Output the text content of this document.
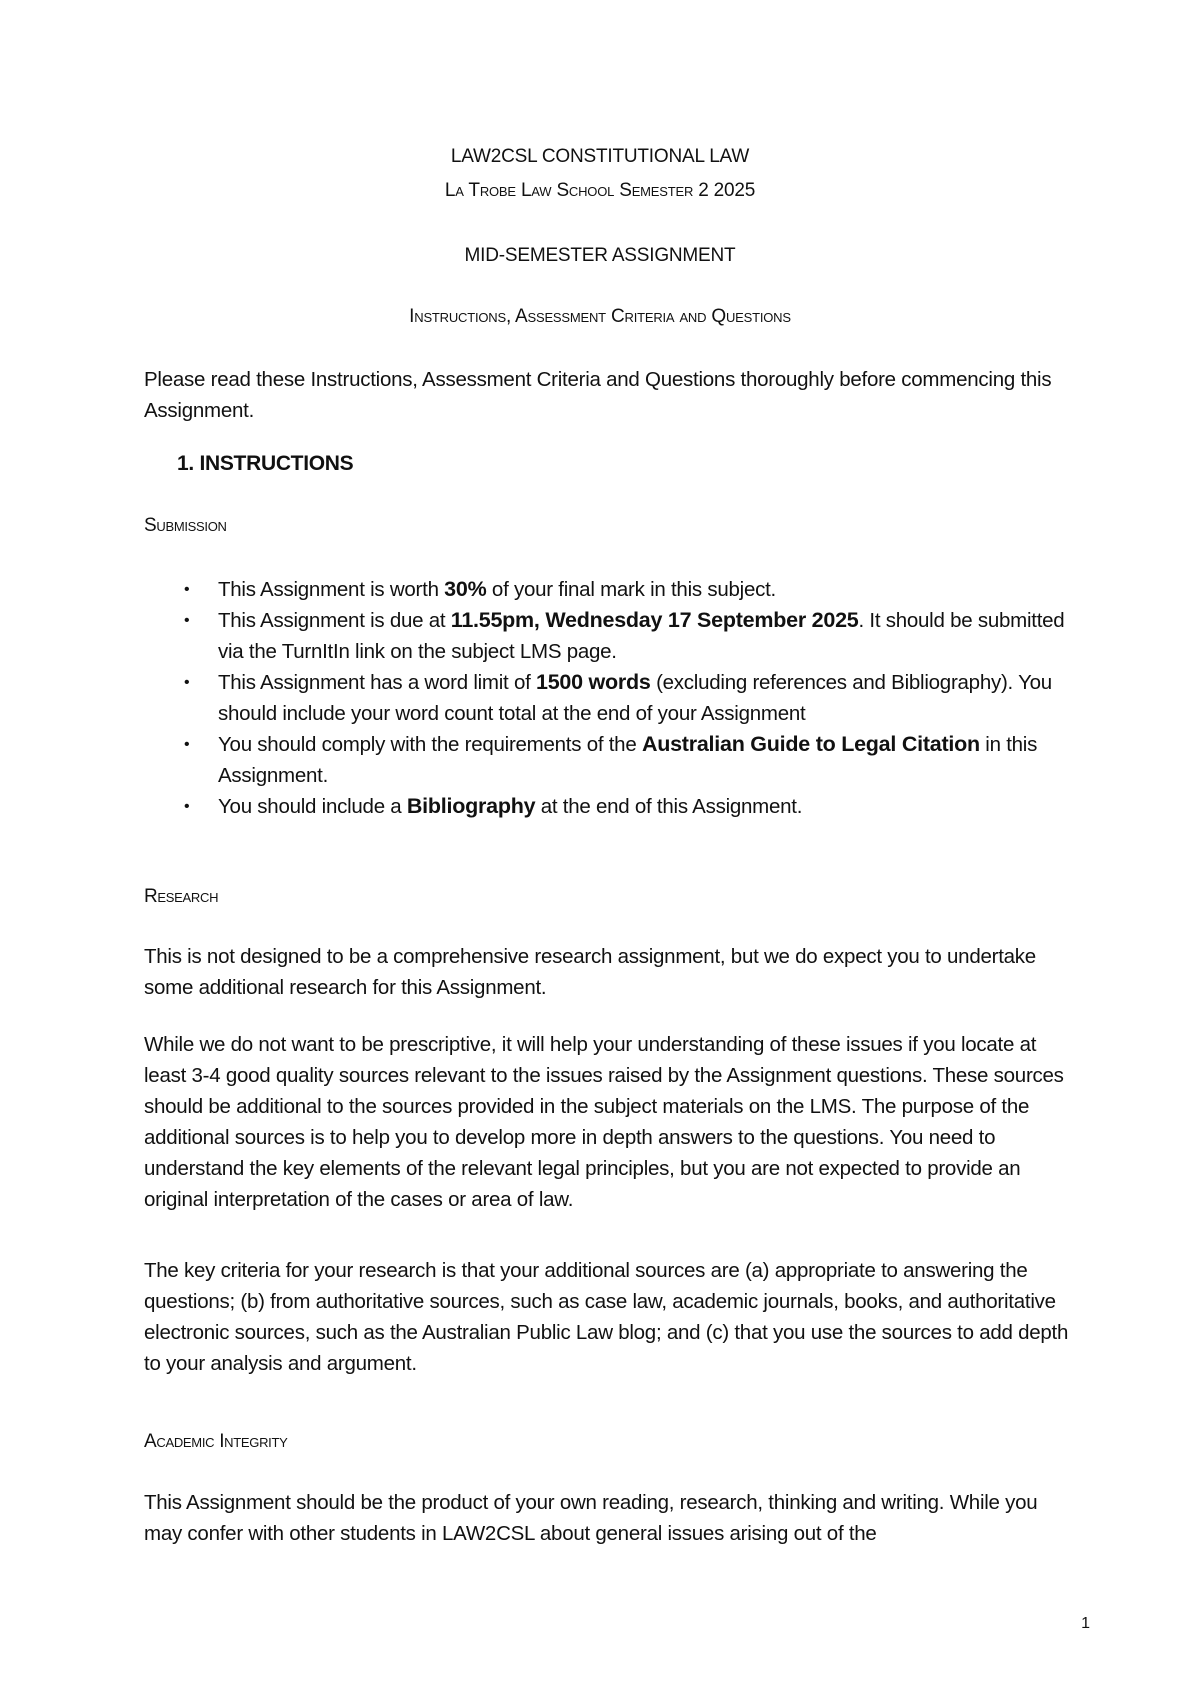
LAW2CSL CONSTITUTIONAL LAW
La Trobe Law School Semester 2 2025
MID-SEMESTER ASSIGNMENT
Instructions, Assessment Criteria and Questions
Please read these Instructions, Assessment Criteria and Questions thoroughly before commencing this Assignment.
1. INSTRUCTIONS
Submission
• This Assignment is worth 30% of your final mark in this subject.
• This Assignment is due at 11.55pm, Wednesday 17 September 2025. It should be submitted via the TurnItIn link on the subject LMS page.
• This Assignment has a word limit of 1500 words (excluding references and Bibliography). You should include your word count total at the end of your Assignment
• You should comply with the requirements of the Australian Guide to Legal Citation in this Assignment.
• You should include a Bibliography at the end of this Assignment.
Research
This is not designed to be a comprehensive research assignment, but we do expect you to undertake some additional research for this Assignment.
While we do not want to be prescriptive, it will help your understanding of these issues if you locate at least 3-4 good quality sources relevant to the issues raised by the Assignment questions. These sources should be additional to the sources provided in the subject materials on the LMS. The purpose of the additional sources is to help you to develop more in depth answers to the questions. You need to understand the key elements of the relevant legal principles, but you are not expected to provide an original interpretation of the cases or area of law.
The key criteria for your research is that your additional sources are (a) appropriate to answering the questions; (b) from authoritative sources, such as case law, academic journals, books, and authoritative electronic sources, such as the Australian Public Law blog; and (c) that you use the sources to add depth to your analysis and argument.
Academic Integrity
This Assignment should be the product of your own reading, research, thinking and writing. While you may confer with other students in LAW2CSL about general issues arising out of the
1
